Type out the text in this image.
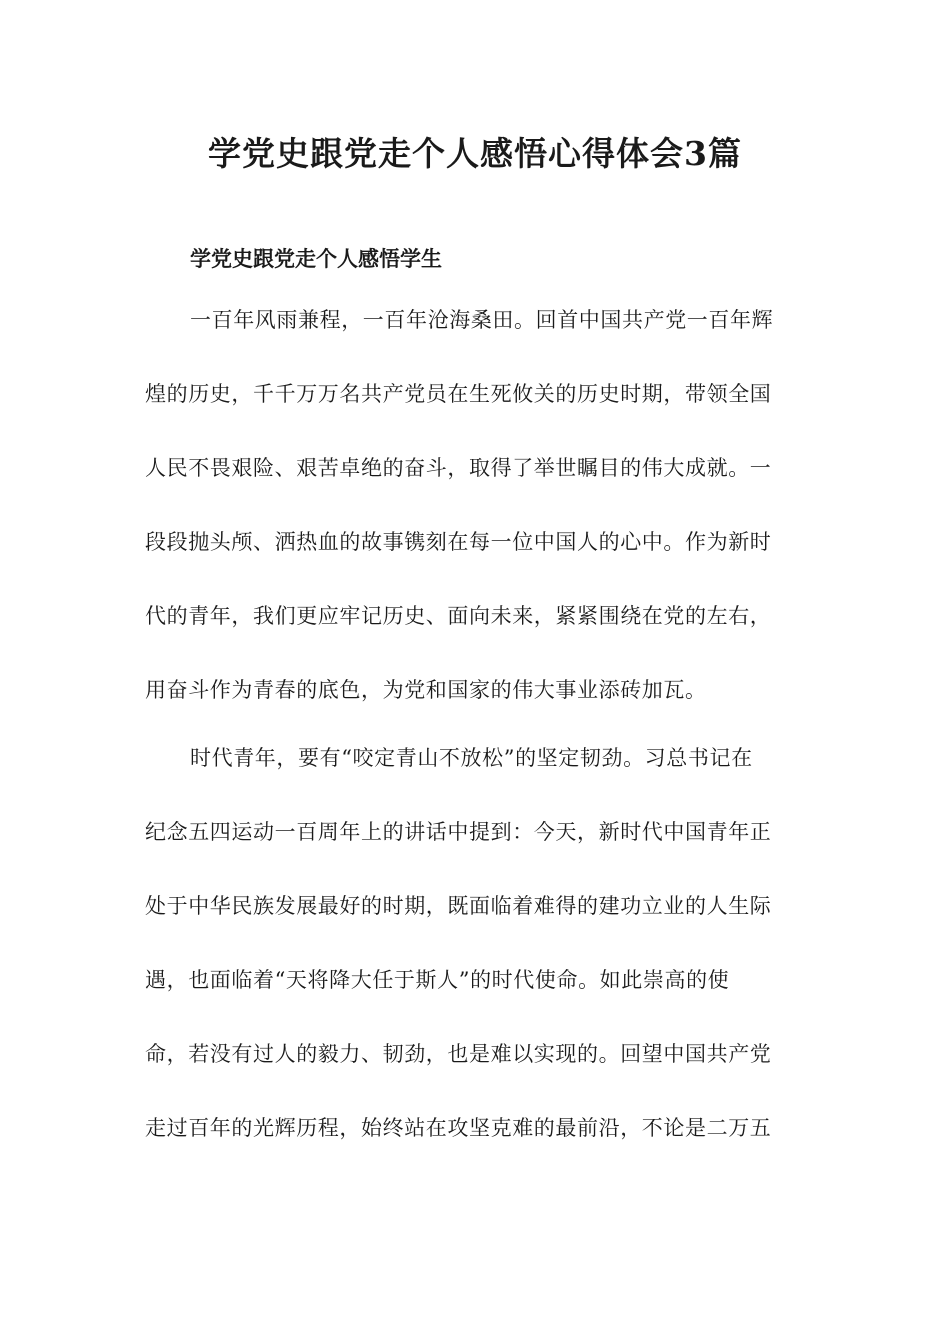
学党史跟党走个人感悟心得体会3篇
学党史跟党走个人感悟学生

一百年风雨兼程，一百年沧海桑田。回首中国共产党一百年辉
煌的历史，千千万万名共产党员在生死攸关的历史时期，带领全国
人民不畏艰险、艰苦卓绝的奋斗，取得了举世瞩目的伟大成就。一
段段抛头颅、洒热血的故事镌刻在每一位中国人的心中。作为新时
代的青年，我们更应牢记历史、面向未来，紧紧围绕在党的左右，
用奋斗作为青春的底色，为党和国家的伟大事业添砖加瓦。

时代青年，要有“咬定青山不放松”的坚定韧劲。习总书记在
纪念五四运动一百周年上的讲话中提到：今天，新时代中国青年正
处于中华民族发展最好的时期，既面临着难得的建功立业的人生际
遇，也面临着“天将降大任于斯人”的时代使命。如此崇高的使
命，若没有过人的毅力、韧劲，也是难以实现的。回望中国共产党
走过百年的光辉历程，始终站在攻坚克难的最前沿，不论是二万五
